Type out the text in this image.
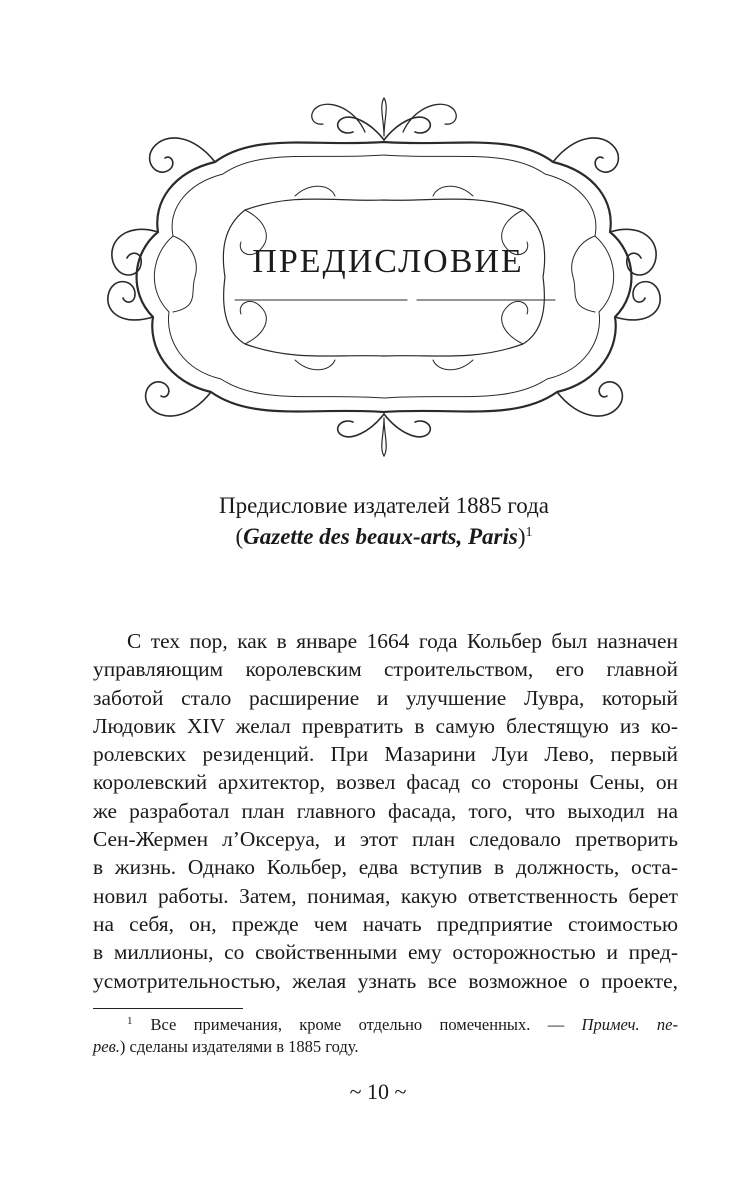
ПРЕДИСЛОВИЕ
Предисловие издателей 1885 года
(Gazette des beaux-arts, Paris)$^1$
С тех пор, как в январе 1664 года Кольбер был назначен
управляющим королевским строительством, его главной
заботой стало расширение и улучшение Лувра, который
Людовик XIV желал превратить в самую блестящую из ко-
ролевских резиденций. При Мазарини Луи Лево, первый
королевский архитектор, возвел фасад со стороны Сены, он
же разработал план главного фасада, того, что выходил на
Сен-Жермен л’Оксеруа, и этот план следовало претворить
в жизнь. Однако Кольбер, едва вступив в должность, оста-
новил работы. Затем, понимая, какую ответственность берет
на себя, он, прежде чем начать предприятие стоимостью
в миллионы, со свойственными ему осторожностью и пред-
усмотрительностью, желая узнать все возможное о проекте,
$^1$ Все примечания, кроме отдельно помеченных. — Примеч. пе-
рев.) сделаны издателями в 1885 году.
~ 10 ~
